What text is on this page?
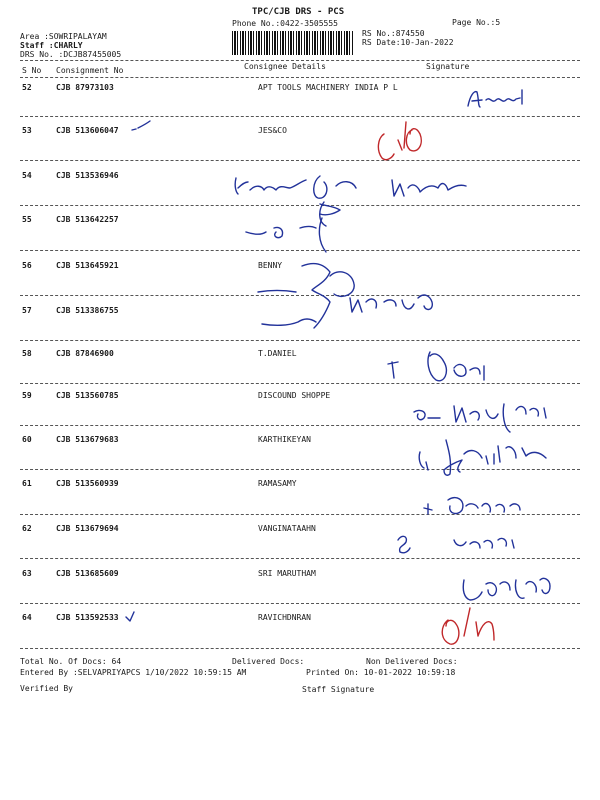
TPC/CJB DRS - PCS
Phone No.:0422-3505555	Page No.:5
RS No.:874550
RS Date:10-Jan-2022
Area :SOWRIPALAYAM
Staff :CHARLY
DRS No. :DCJB87455005
S No Consignment No	Consignee Details	Signature
52	CJB 87973103	APT TOOLS MACHINERY INDIA P L
53	CJB 513606047	JES&CO
54	CJB 513536946
55	CJB 513642257
56	CJB 513645921	BENNY
57	CJB 513386755
58	CJB 87846900	T.DANIEL
59	CJB 513560785	DISCOUND SHOPPE
60	CJB 513679683	KARTHIKEYAN
61	CJB 513560939	RAMASAMY
62	CJB 513679694	VANGINATAAHN
63	CJB 513685609	SRI MARUTHAM
64	CJB 513592533	RAVICHDNRAN
Total No. Of Docs: 64	Delivered Docs:	Non Delivered Docs:
Entered By :SELVAPRIYAPCS 1/10/2022 10:59:15 AM	Printed On: 10-01-2022 10:59:18
Verified By	Staff Signature
